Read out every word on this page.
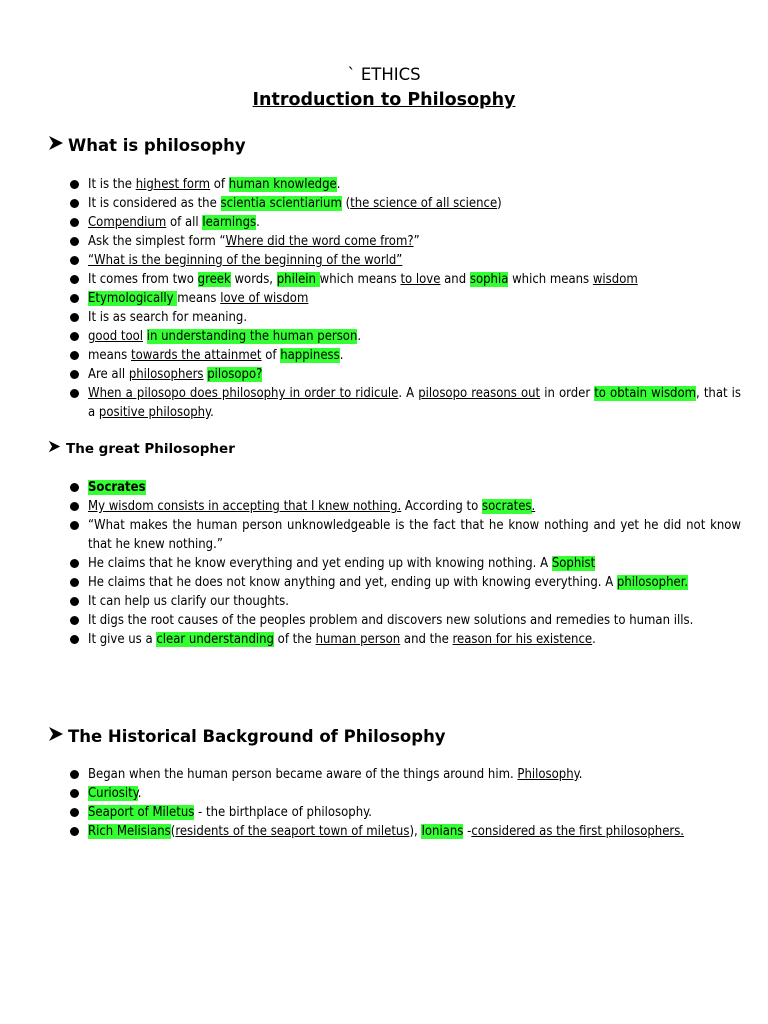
` ETHICS
Introduction to Philosophy
What is philosophy
It is the highest form of human knowledge.
It is considered as the scientia scientiarium (the science of all science)
Compendium of all learnings.
Ask the simplest form “Where did the word come from?”
“What is the beginning of the beginning of the world”
It comes from two greek words, philein which means to love and sophia which means wisdom
Etymologically means love of wisdom
It is as search for meaning.
good tool in understanding the human person.
means towards the attainmet of happiness.
Are all philosophers pilosopo?
When a pilosopo does philosophy in order to ridicule. A pilosopo reasons out in order to obtain wisdom, that is a positive philosophy.
The great Philosopher
Socrates
My wisdom consists in accepting that I knew nothing. According to socrates.
“What makes the human person unknowledgeable is the fact that he know nothing and yet he did not know that he knew nothing.”
He claims that he know everything and yet ending up with knowing nothing. A Sophist
He claims that he does not know anything and yet, ending up with knowing everything. A philosopher.
It can help us clarify our thoughts.
It digs the root causes of the peoples problem and discovers new solutions and remedies to human ills.
It give us a clear understanding of the human person and the reason for his existence.
The Historical Background of Philosophy
Began when the human person became aware of the things around him. Philosophy.
Curiosity.
Seaport of Miletus - the birthplace of philosophy.
Rich Melisians(residents of the seaport town of miletus), Ionians -considered as the first philosophers.
